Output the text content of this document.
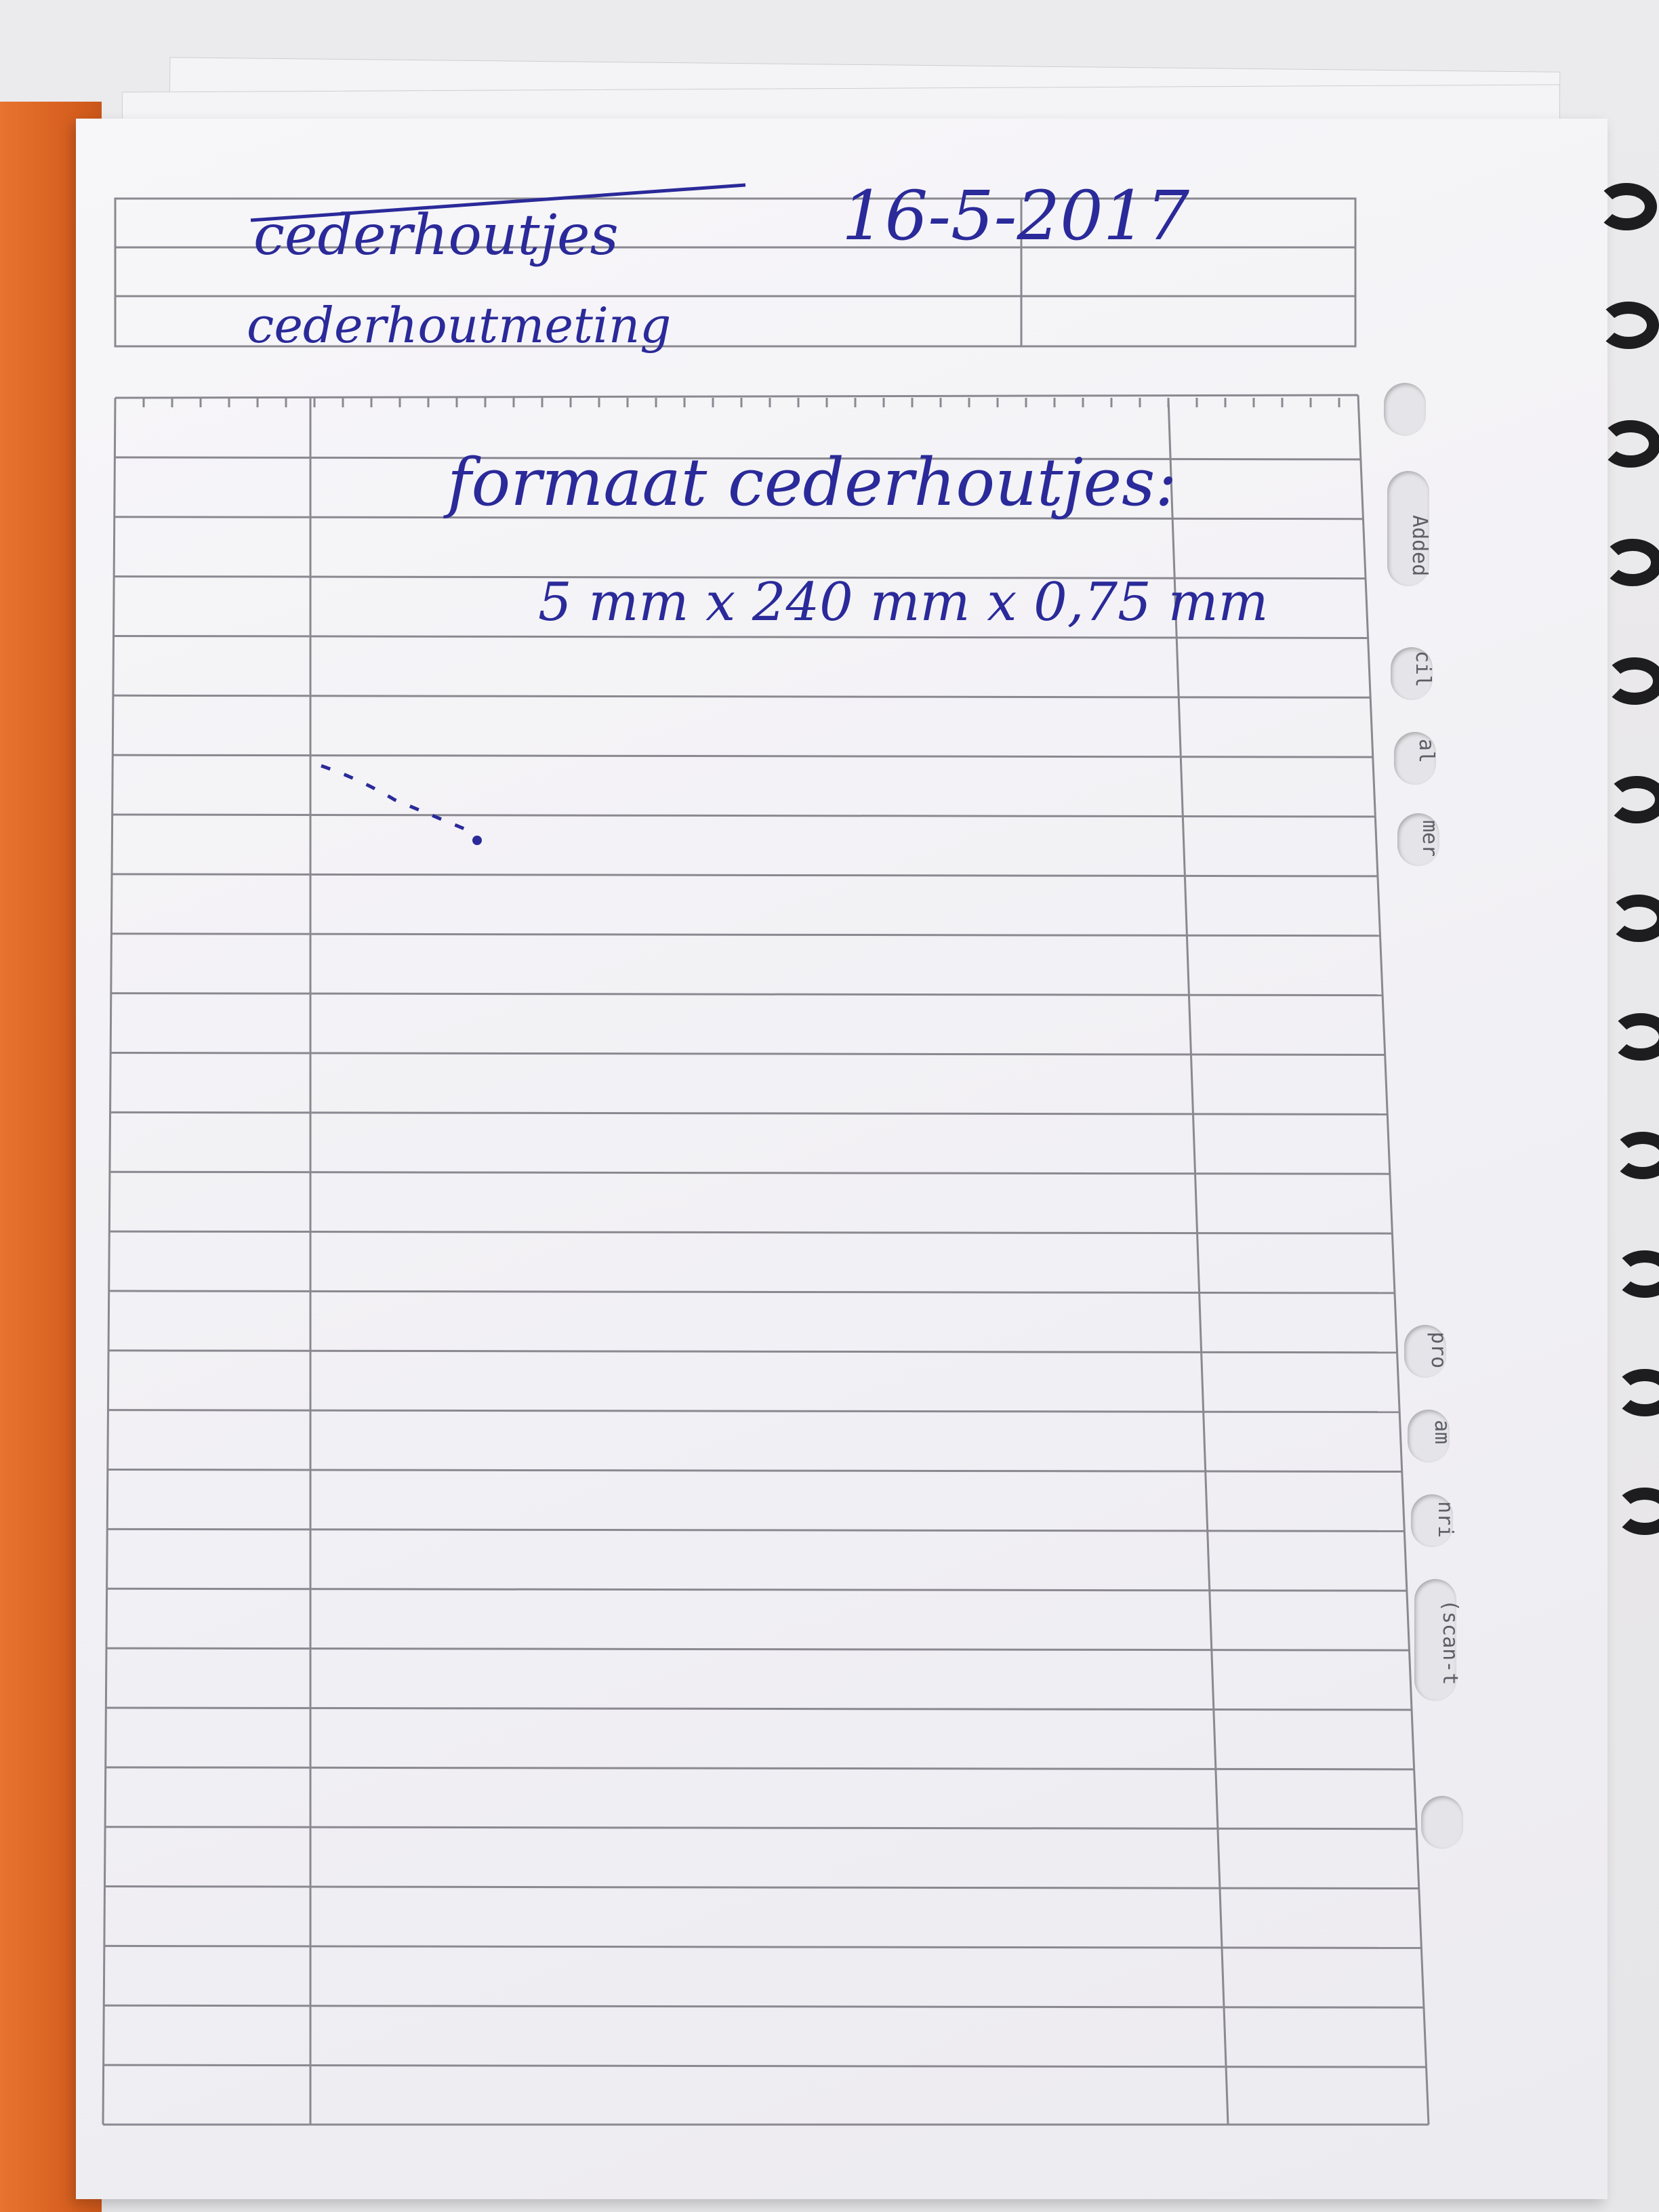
cederhoutjes	16-5-2017
cederhoutmeting
formaat cederhoutjes:
5 mm x 240 mm x 0,75 mm
Added
cil
al
mer
pro
am
nri
(scan-t
